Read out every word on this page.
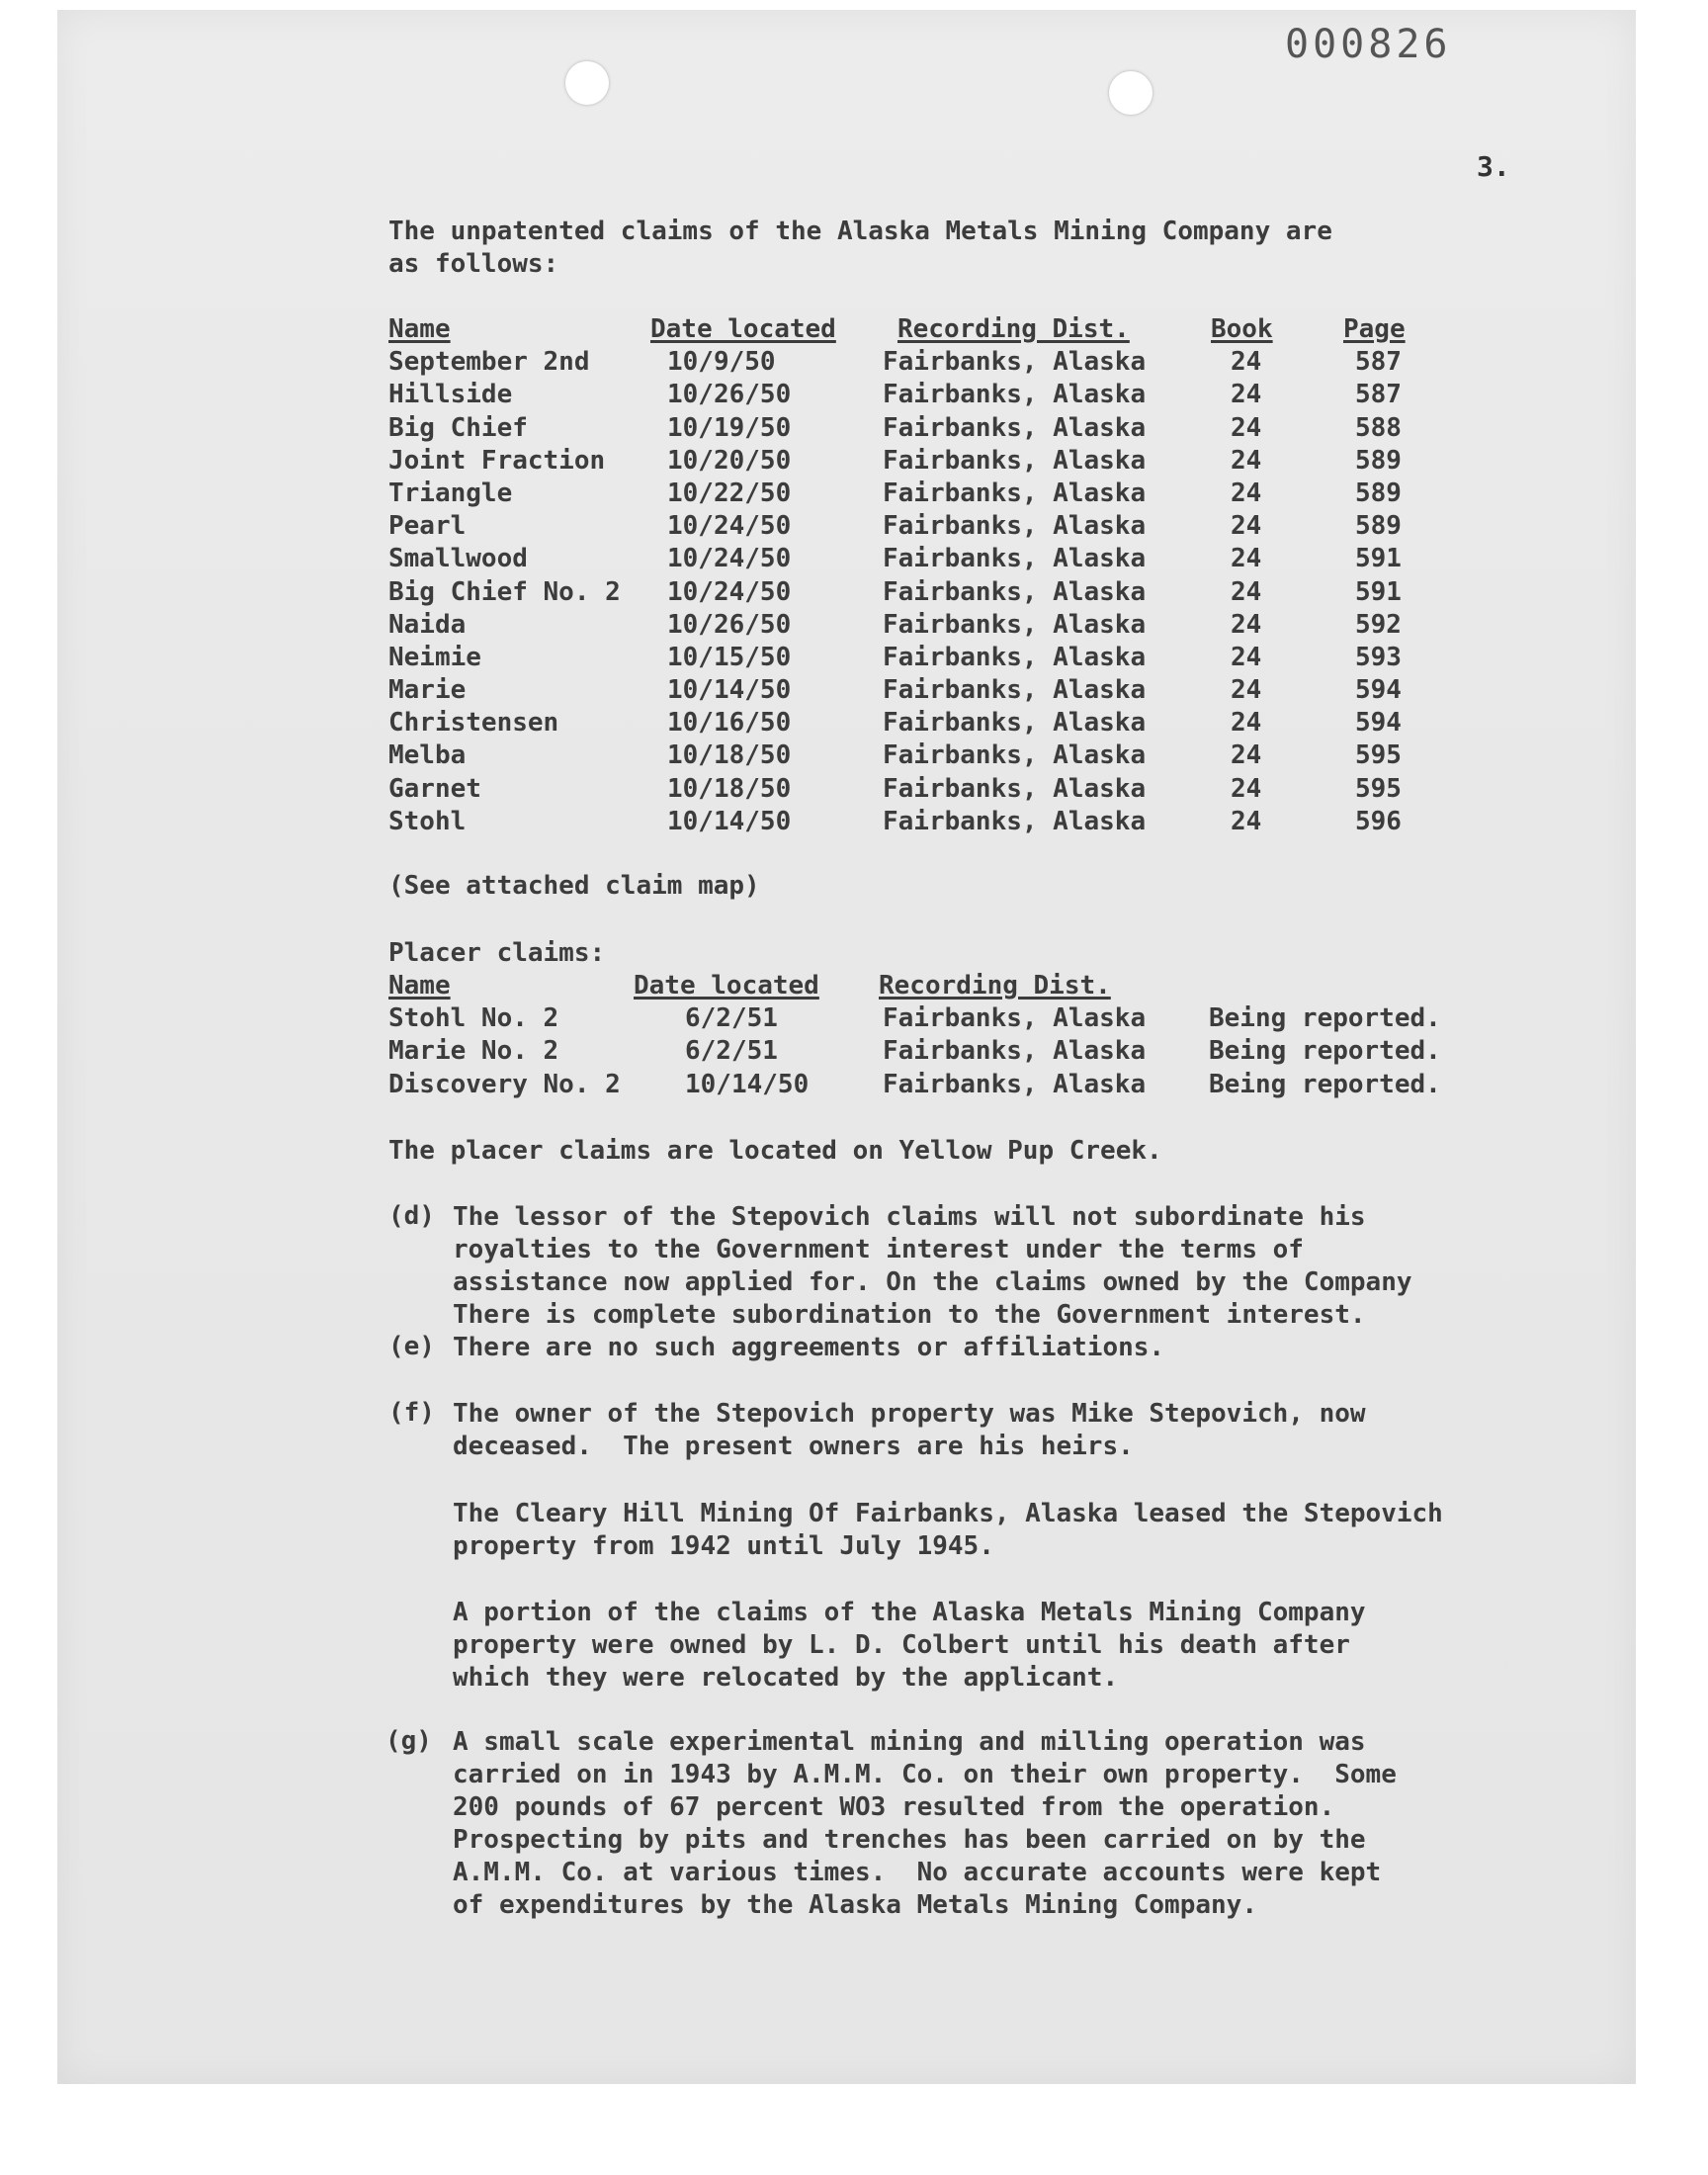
000826
3.
The unpatented claims of the Alaska Metals Mining Company are
as follows:
Name	Date located Recording Dist.	Book	Page
September 2nd	10/9/50	Fairbanks, Alaska	24	587
Hillside	10/26/50	Fairbanks, Alaska	24	587
Big Chief	10/19/50	Fairbanks, Alaska	24	588
Joint Fraction 10/20/50	Fairbanks, Alaska	24	589
Triangle	10/22/50	Fairbanks, Alaska	24	589
Pearl	10/24/50	Fairbanks, Alaska	24	589
Smallwood	10/24/50	Fairbanks, Alaska	24	591
Big Chief No. 2 10/24/50	Fairbanks, Alaska	24	591
Naida	10/26/50	Fairbanks, Alaska	24	592
Neimie	10/15/50	Fairbanks, Alaska	24	593
Marie	10/14/50	Fairbanks, Alaska	24	594
Christensen	10/16/50	Fairbanks, Alaska	24	594
Melba	10/18/50	Fairbanks, Alaska	24	595
Garnet	10/18/50	Fairbanks, Alaska	24	595
Stohl	10/14/50	Fairbanks, Alaska	24	596
(See attached claim map)
Placer claims:
Name	Date located Recording Dist.
Stohl No. 2	6/2/51	Fairbanks, Alaska Being reported.
Marie No. 2	6/2/51	Fairbanks, Alaska Being reported.
Discovery No. 2	10/14/50	Fairbanks, Alaska Being reported.
The placer claims are located on Yellow Pup Creek.
(d) The lessor of the Stepovich claims will not subordinate his
royalties to the Government interest under the terms of
assistance now applied for. On the claims owned by the Company
There is complete subordination to the Government interest.
(e) There are no such aggreements or affiliations.
(f) The owner of the Stepovich property was Mike Stepovich, now
deceased.  The present owners are his heirs.
The Cleary Hill Mining Of Fairbanks, Alaska leased the Stepovich
property from 1942 until July 1945.
A portion of the claims of the Alaska Metals Mining Company
property were owned by L. D. Colbert until his death after
which they were relocated by the applicant.
(g) A small scale experimental mining and milling operation was
carried on in 1943 by A.M.M. Co. on their own property.  Some
200 pounds of 67 percent WO3 resulted from the operation.
Prospecting by pits and trenches has been carried on by the
A.M.M. Co. at various times.  No accurate accounts were kept
of expenditures by the Alaska Metals Mining Company.
